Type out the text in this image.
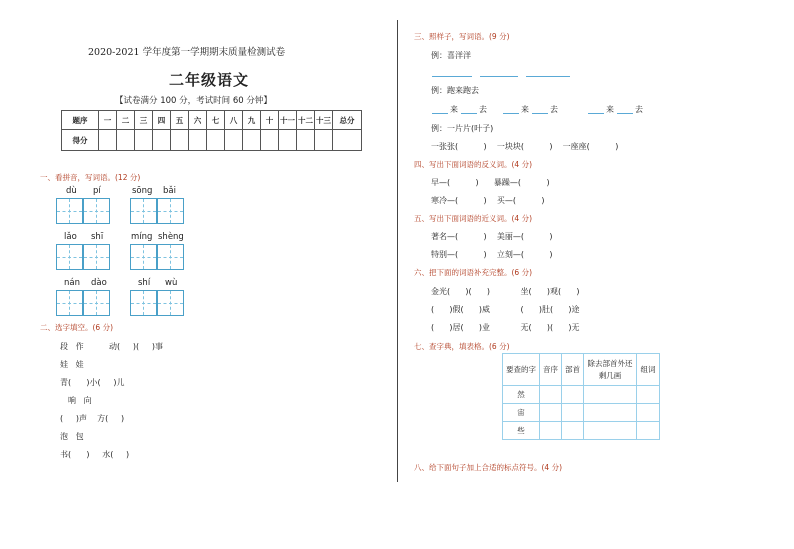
2020-2021 学年度第一学期期末质量检测试卷
二年级语文
【试卷满分 100 分，考试时间 60 分钟】
题序	一	二	三	四	五	六	七	八	九	十	十一	十二	十三	总分
得分														
一、看拼音，写词语。(12 分)
dù pí	sōng bǎi
lǎo shī	míng shèng
nán dào	shí wù
二、选字填空。(6 分)
段   作          动(     )(     )事
娃   娃
青(      )小(     )儿
响   向
(     )声    方(     )
泡   包
书(      )     水(     )
三、照样子，写词语。(9 分)
例：喜洋洋
例：跑来跑去
来	去	来	去	来	去
例：一片片(叶子)
一张张(          )    一块块(          )    一座座(          )
四、写出下面词语的反义词。(4 分)
早—(          )      暴躁—(          )
寒冷—(          )    买—(          )
五、写出下面词语的近义词。(4 分)
著名—(          )    美丽—(          )
特别—(          )    立刻—(          )
六、把下面的词语补充完整。(6 分)
金光(      )(      )            坐(      )观(      )
(      )假(      )威            (      )肚(      )途
(      )居(      )业            无(      )(      )无
七、查字典，填表格。(6 分)
要查的字	音序	部首	除去部首外还剩几画	组词
然				
宙				
些				
八、给下面句子加上合适的标点符号。(4 分)
